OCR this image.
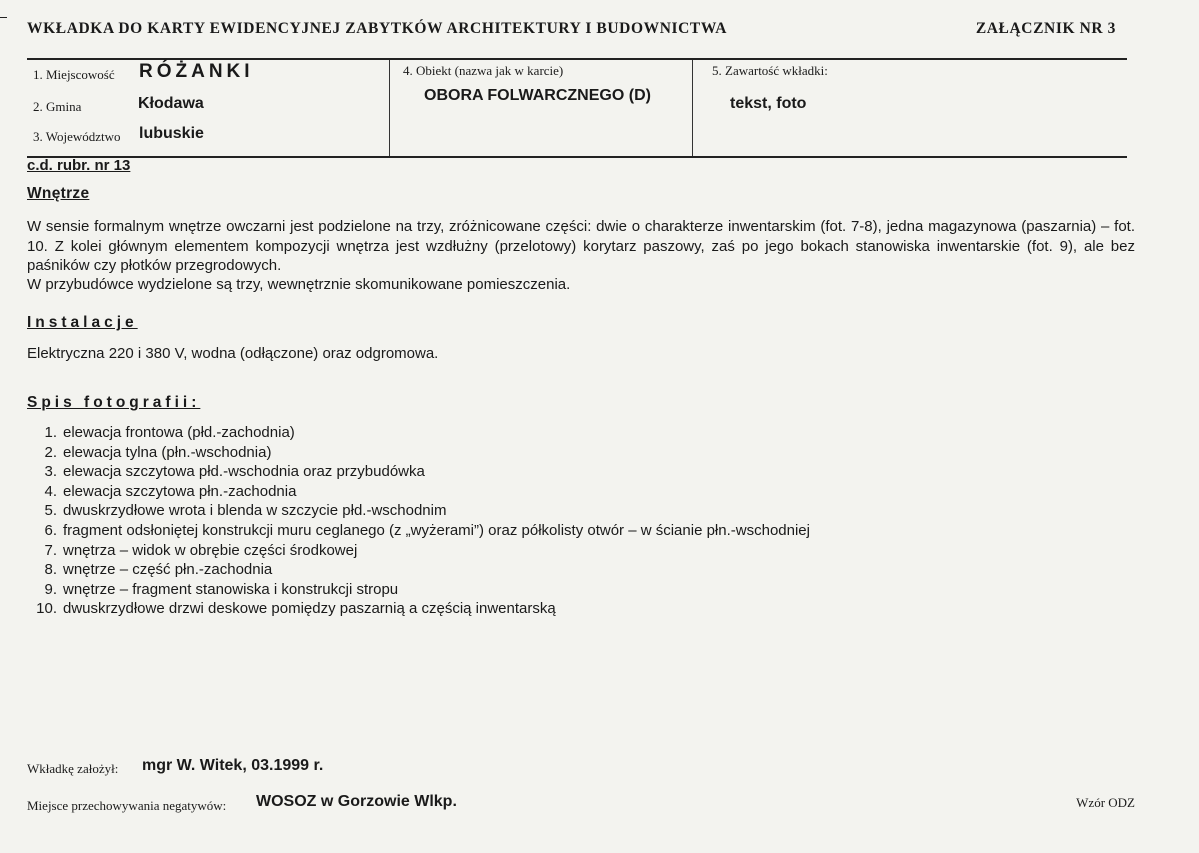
WKŁADKA DO KARTY EWIDENCYJNEJ ZABYTKÓW ARCHITEKTURY I BUDOWNICTWA	ZAŁĄCZNIK NR 3
1. Miejscowość RÓŻANKI
2. Gmina	Kłodawa
3. Województwo lubuskie
4. Obiekt (nazwa jak w karcie)
OBORA FOLWARCZNEGO (D)
5. Zawartość wkładki:
tekst, foto
c.d. rubr. nr 13
Wnętrze
W sensie formalnym wnętrze owczarni jest podzielone na trzy, zróżnicowane części: dwie o charakterze inwentarskim (fot. 7-8), jedna magazynowa (paszarnia) – fot. 10. Z kolei głównym elementem kompozycji wnętrza jest wzdłużny (przelotowy) korytarz paszowy, zaś po jego bokach stanowiska inwentarskie (fot. 9), ale bez paśników czy płotków przegrodowych.
W przybudówce wydzielone są trzy, wewnętrznie skomunikowane pomieszczenia.
Instalacje
Elektryczna 220 i 380 V, wodna (odłączone) oraz odgromowa.
Spis fotografii:
1. elewacja frontowa (płd.-zachodnia)
2. elewacja tylna (płn.-wschodnia)
3. elewacja szczytowa płd.-wschodnia oraz przybudówka
4. elewacja szczytowa płn.-zachodnia
5. dwuskrzydłowe wrota i blenda w szczycie płd.-wschodnim
6. fragment odsłoniętej konstrukcji muru ceglanego (z „wyżerami”) oraz półkolisty otwór – w ścianie płn.-wschodniej
7. wnętrza – widok w obrębie części środkowej
8. wnętrze – część płn.-zachodnia
9. wnętrze – fragment stanowiska i konstrukcji stropu
10. dwuskrzydłowe drzwi deskowe pomiędzy paszarnią a częścią inwentarską
Wkładkę założył: mgr W. Witek, 03.1999 r.
Miejsce przechowywania negatywów: WOSOZ w Gorzowie Wlkp.	Wzór ODZ
